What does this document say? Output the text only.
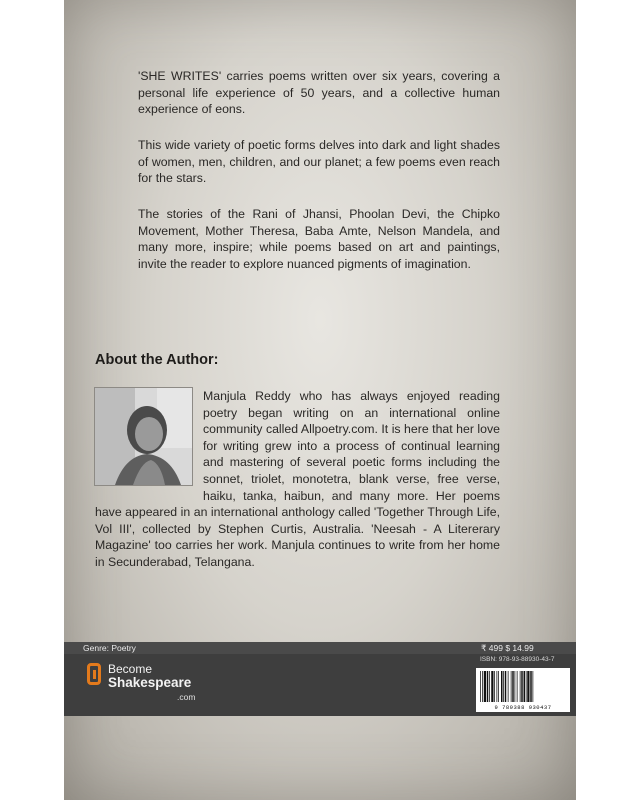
'SHE WRITES' carries poems written over six years, covering a personal life experience of 50 years, and a collective human experience of eons.
This wide variety of poetic forms delves into dark and light shades of women, men, children, and our planet; a few poems even reach for the stars.
The stories of the Rani of Jhansi, Phoolan Devi, the Chipko Movement, Mother Theresa, Baba Amte, Nelson Mandela, and many more, inspire; while poems based on art and paintings, invite the reader to explore nuanced pigments of imagination.
About the Author:
Manjula Reddy who has always enjoyed reading poetry began writing on an international online community called Allpoetry.com. It is here that her love for writing grew into a process of continual learning and mastering of several poetic forms including the sonnet, triolet, monotetra, blank verse, free verse, haiku, tanka, haibun, and many more. Her poems have appeared in an international anthology called 'Together Through Life, Vol III', collected by Stephen Curtis, Australia. 'Neesah - A Litererary Magazine' too carries her work. Manjula continues to write from her home in Secunderabad, Telangana.
Genre: Poetry	₹ 499 $ 14.99
ISBN: 978-93-88930-43-7
Become
Shakespeare
.com
9 789388 930437
